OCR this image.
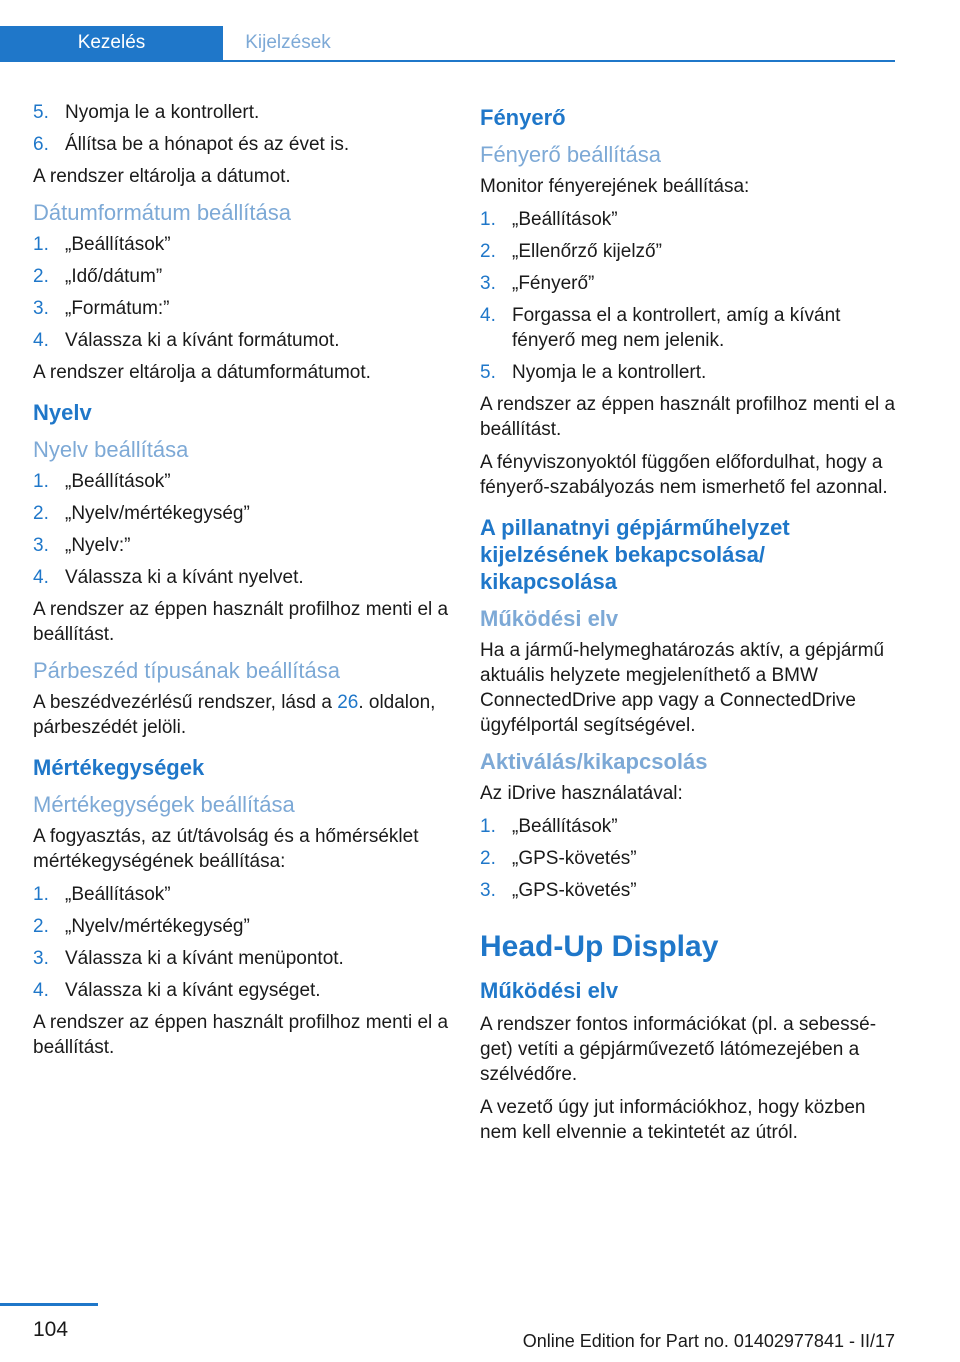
Kezelés	Kijelzések
5. Nyomja le a kontrollert.
6. Állítsa be a hónapot és az évet is.

A rendszer eltárolja a dátumot.

Dátumformátum beállítása
1. „Beállítások”
2. „Idő/dátum”
3. „Formátum:”
4. Válassza ki a kívánt formátumot.

A rendszer eltárolja a dátumformátumot.

Nyelv
Nyelv beállítása
1. „Beállítások”
2. „Nyelv/mértékegység”
3. „Nyelv:”
4. Válassza ki a kívánt nyelvet.

A rendszer az éppen használt profilhoz menti el a beállítást.

Párbeszéd típusának beállítása

A beszédvezérlésű rendszer, lásd a 26. oldalon, párbeszédét jelöli.

Mértékegységek
Mértékegységek beállítása

A fogyasztás, az út/távolság és a hőmérséklet mértékegységének beállítása:

1. „Beállítások”
2. „Nyelv/mértékegység”
3. Válassza ki a kívánt menüpontot.
4. Válassza ki a kívánt egységet.

A rendszer az éppen használt profilhoz menti el a beállítást.

Fényerő
Fényerő beállítása

Monitor fényerejének beállítása:

1. „Beállítások”
2. „Ellenőrző kijelző”
3. „Fényerő”
4. Forgassa el a kontrollert, amíg a kívánt fényerő meg nem jelenik.
5. Nyomja le a kontrollert.

A rendszer az éppen használt profilhoz menti el a beállítást.

A fényviszonyoktól függően előfordulhat, hogy a fényerő-szabályozás nem ismerhető fel azonnal.

A pillanatnyi gépjárműhelyzet kijelzésének bekapcsolása/ kikapcsolása
Működési elv

Ha a jármű-helymeghatározás aktív, a gépjármű aktuális helyzete megjeleníthető a BMW ConnectedDrive app vagy a ConnectedDrive ügyfélportál segítségével.

Aktiválás/kikapcsolás

Az iDrive használatával:

1. „Beállítások”
2. „GPS-követés”
3. „GPS-követés”
Head-Up Display
Működési elv

A rendszer fontos információkat (pl. a sebességet) vetíti a gépjárművezető látómezejében a szélvédőre.

A vezető úgy jut információkhoz, hogy közben nem kell elvennie a tekintetét az útról.

104	Online Edition for Part no. 01402977841 - II/17
